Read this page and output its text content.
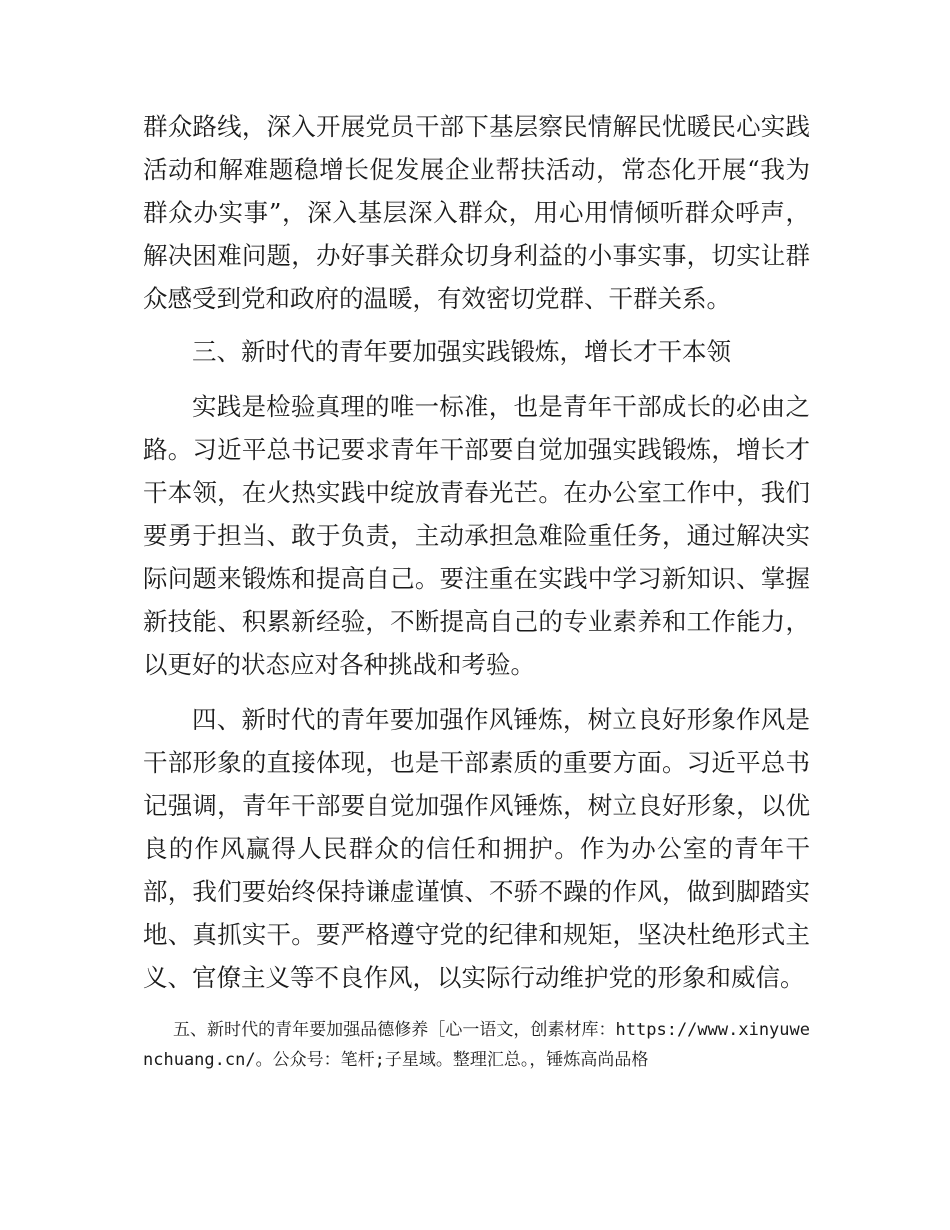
群众路线，深入开展党员干部下基层察民情解民忧暖民心实践活动和解难题稳增长促发展企业帮扶活动，常态化开展“我为群众办实事”，深入基层深入群众，用心用情倾听群众呼声，解决困难问题，办好事关群众切身利益的小事实事，切实让群众感受到党和政府的温暖，有效密切党群、干群关系。

三、新时代的青年要加强实践锻炼，增长才干本领

实践是检验真理的唯一标准，也是青年干部成长的必由之路。习近平总书记要求青年干部要自觉加强实践锻炼，增长才干本领，在火热实践中绽放青春光芒。在办公室工作中，我们要勇于担当、敢于负责，主动承担急难险重任务，通过解决实际问题来锻炼和提高自己。要注重在实践中学习新知识、掌握新技能、积累新经验，不断提高自己的专业素养和工作能力，以更好的状态应对各种挑战和考验。

四、新时代的青年要加强作风锤炼，树立良好形象作风是干部形象的直接体现，也是干部素质的重要方面。习近平总书记强调，青年干部要自觉加强作风锤炼，树立良好形象，以优良的作风赢得人民群众的信任和拥护。作为办公室的青年干部，我们要始终保持谦虚谨慎、不骄不躁的作风，做到脚踏实地、真抓实干。要严格遵守党的纪律和规矩，坚决杜绝形式主义、官僚主义等不良作风，以实际行动维护党的形象和威信。

五、新时代的青年要加强品德修养［心一语文，创素材库：https://www.xinyuwenchuang.cn/。公众号：笔杆;子星域。整理汇总。，锤炼高尚品格
